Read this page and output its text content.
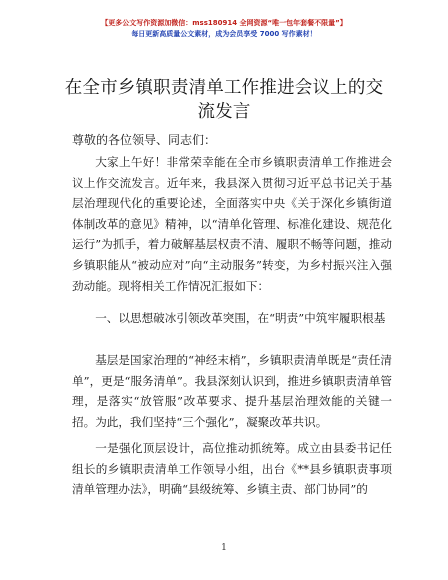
【更多公文写作资源加微信：mss180914 全网资源“唯一包年套餐不限量”】
每日更新高质量公文素材，成为会员享受 7000 写作素材！
在全市乡镇职责清单工作推进会议上的交流发言
尊敬的各位领导、同志们：

大家上午好！非常荣幸能在全市乡镇职责清单工作推进会议上作交流发言。近年来，我县深入贯彻习近平总书记关于基层治理现代化的重要论述，全面落实中央《关于深化乡镇街道体制改革的意见》精神，以“清单化管理、标准化建设、规范化运行”为抓手，着力破解基层权责不清、履职不畅等问题，推动乡镇职能从“被动应对”向“主动服务”转变，为乡村振兴注入强劲动能。现将相关工作情况汇报如下：

一、以思想破冰引领改革突围，在“明责”中筑牢履职根基

基层是国家治理的“神经末梢”，乡镇职责清单既是“责任清单”，更是“服务清单”。我县深刻认识到，推进乡镇职责清单管理，是落实“放管服”改革要求、提升基层治理效能的关键一招。为此，我们坚持“三个强化”，凝聚改革共识。

一是强化顶层设计，高位推动抓统筹。成立由县委书记任组长的乡镇职责清单工作领导小组，出台《**县乡镇职责事项清单管理办法》，明确“县级统筹、乡镇主责、部门协同”的

1
